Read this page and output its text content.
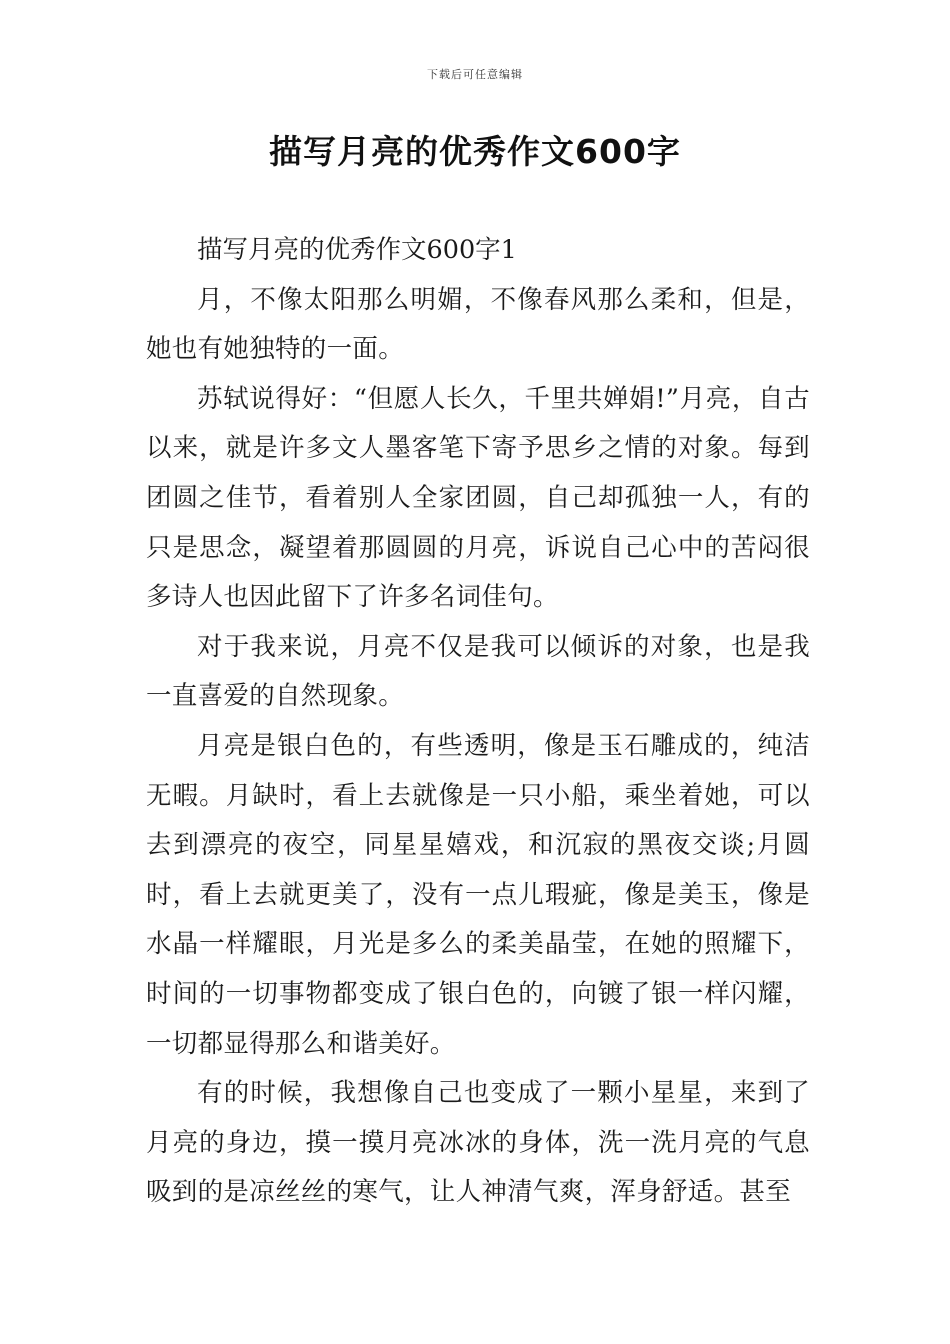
下载后可任意编辑
描写月亮的优秀作文600字

描写月亮的优秀作文600字1

月，不像太阳那么明媚，不像春风那么柔和，但是，她也有她独特的一面。

苏轼说得好：“但愿人长久，千里共婵娟!”月亮，自古以来，就是许多文人墨客笔下寄予思乡之情的对象。每到团圆之佳节，看着别人全家团圆，自己却孤独一人，有的只是思念，凝望着那圆圆的月亮，诉说自己心中的苦闷很多诗人也因此留下了许多名词佳句。

对于我来说，月亮不仅是我可以倾诉的对象，也是我一直喜爱的自然现象。

月亮是银白色的，有些透明，像是玉石雕成的，纯洁无暇。月缺时，看上去就像是一只小船，乘坐着她，可以去到漂亮的夜空，同星星嬉戏，和沉寂的黑夜交谈;月圆时，看上去就更美了，没有一点儿瑕疵，像是美玉，像是水晶一样耀眼，月光是多么的柔美晶莹，在她的照耀下，时间的一切事物都变成了银白色的，向镀了银一样闪耀，一切都显得那么和谐美好。

有的时候，我想像自己也变成了一颗小星星，来到了月亮的身边，摸一摸月亮冰冰的身体，洗一洗月亮的气息吸到的是凉丝丝的寒气，让人神清气爽，浑身舒适。甚至
